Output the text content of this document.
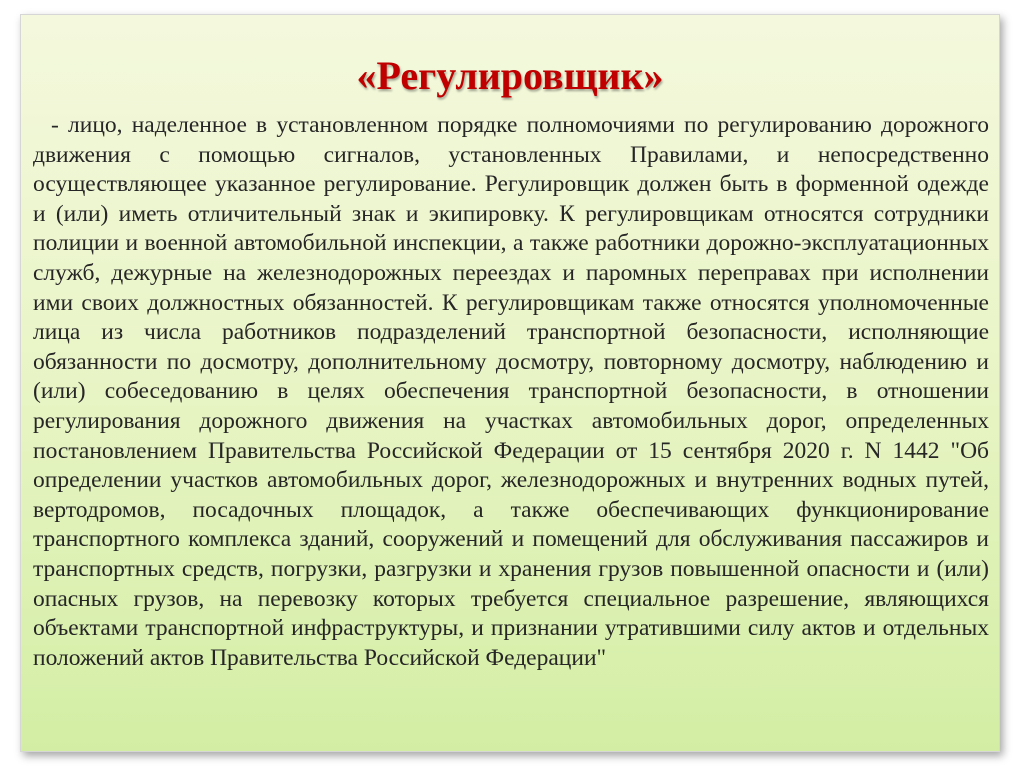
«Регулировщик»

- лицо, наделенное в установленном порядке полномочиями по регулированию дорожного движения с помощью сигналов, установленных Правилами, и непосредственно осуществляющее указанное регулирование. Регулировщик должен быть в форменной одежде и (или) иметь отличительный знак и экипировку. К регулировщикам относятся сотрудники полиции и военной автомобильной инспекции, а также работники дорожно-эксплуатационных служб, дежурные на железнодорожных переездах и паромных переправах при исполнении ими своих должностных обязанностей. К регулировщикам также относятся уполномоченные лица из числа работников подразделений транспортной безопасности, исполняющие обязанности по досмотру, дополнительному досмотру, повторному досмотру, наблюдению и (или) собеседованию в целях обеспечения транспортной безопасности, в отношении регулирования дорожного движения на участках автомобильных дорог, определенных постановлением Правительства Российской Федерации от 15 сентября 2020 г. N 1442 "Об определении участков автомобильных дорог, железнодорожных и внутренних водных путей, вертодромов, посадочных площадок, а также обеспечивающих функционирование транспортного комплекса зданий, сооружений и помещений для обслуживания пассажиров и транспортных средств, погрузки, разгрузки и хранения грузов повышенной опасности и (или) опасных грузов, на перевозку которых требуется специальное разрешение, являющихся объектами транспортной инфраструктуры, и признании утратившими силу актов и отдельных положений актов Правительства Российской Федерации"
